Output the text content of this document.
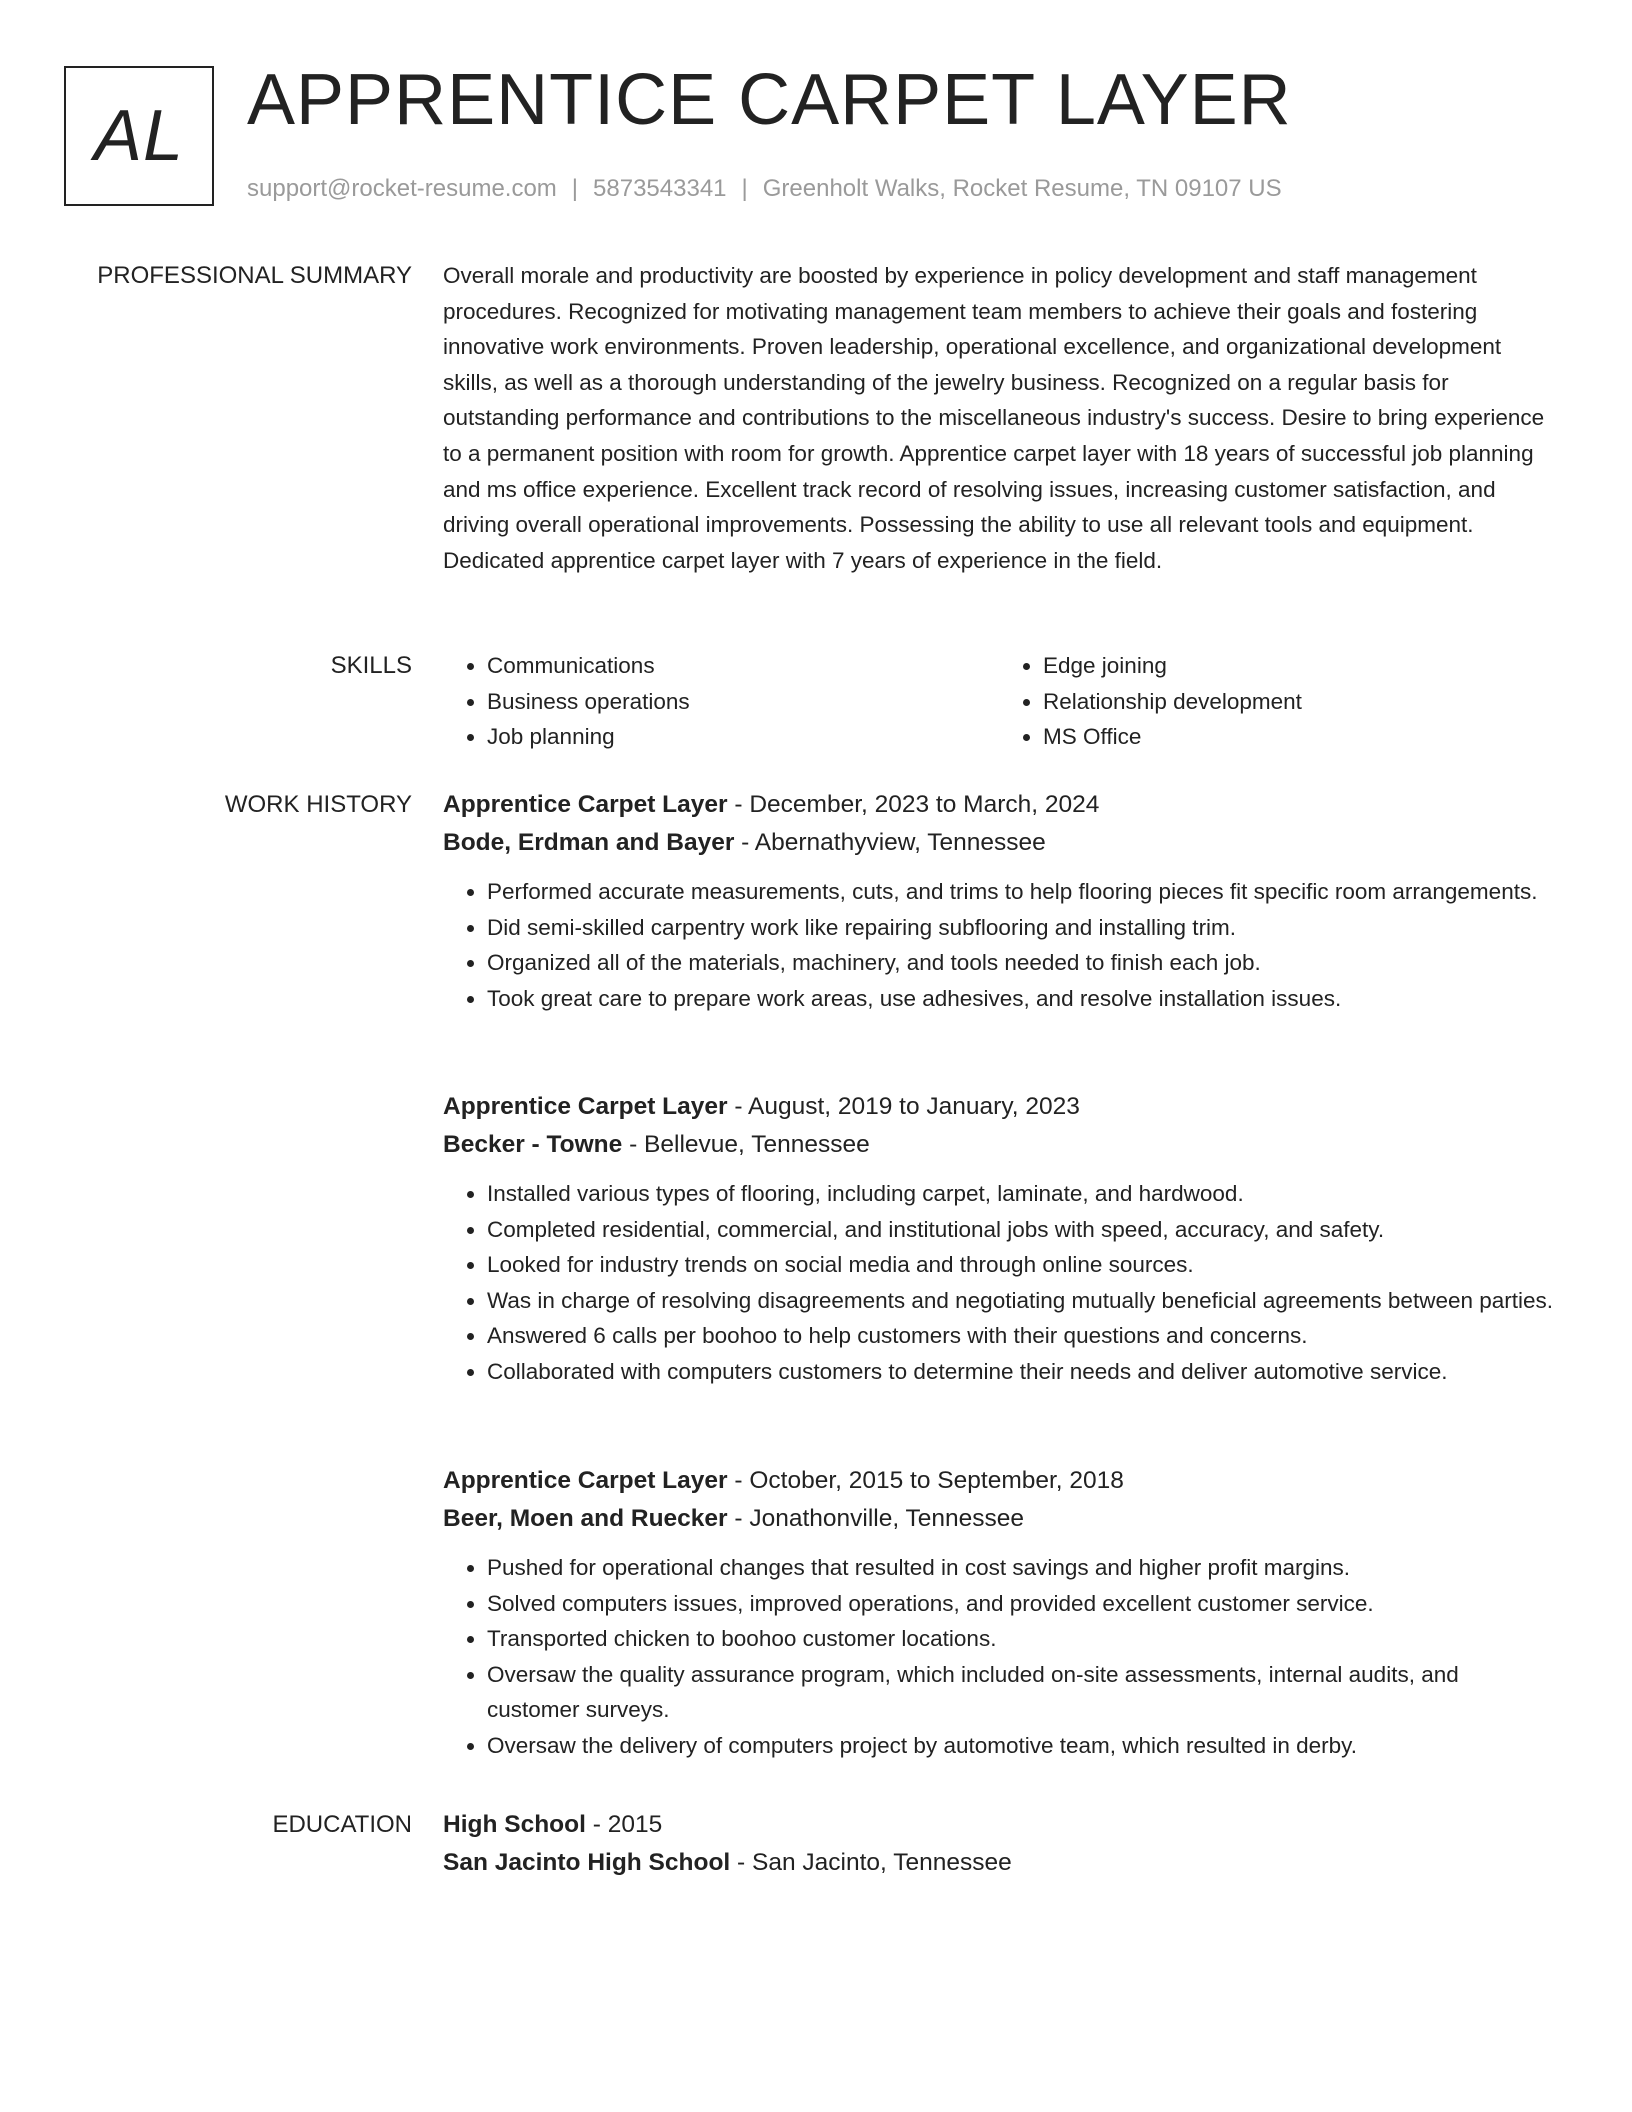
AL APPRENTICE CARPET LAYER
support@rocket-resume.com | 5873543341 | Greenholt Walks, Rocket Resume, TN 09107 US
PROFESSIONAL SUMMARY Overall morale and productivity are boosted by experience in policy development and staff management procedures. Recognized for motivating management team members to achieve their goals and fostering innovative work environments. Proven leadership, operational excellence, and organizational development skills, as well as a thorough understanding of the jewelry business. Recognized on a regular basis for outstanding performance and contributions to the miscellaneous industry's success. Desire to bring experience to a permanent position with room for growth. Apprentice carpet layer with 18 years of successful job planning and ms office experience. Excellent track record of resolving issues, increasing customer satisfaction, and driving overall operational improvements. Possessing the ability to use all relevant tools and equipment. Dedicated apprentice carpet layer with 7 years of experience in the field.

SKILLS
•	Communications
• Business operations
• Job planning
• Edge joining
• Relationship development
• MS Office
WORK HISTORY Apprentice Carpet Layer - December, 2023 to March, 2024

Bode, Erdman and Bayer - Abernathyview, Tennessee

• Performed accurate measurements, cuts, and trims to help flooring pieces fit specific room arrangements.
• Did semi-skilled carpentry work like repairing subflooring and installing trim.
• Organized all of the materials, machinery, and tools needed to finish each job.
• Took great care to prepare work areas, use adhesives, and resolve installation issues.

Apprentice Carpet Layer - August, 2019 to January, 2023

Becker - Towne - Bellevue, Tennessee

• Installed various types of flooring, including carpet, laminate, and hardwood.
• Completed residential, commercial, and institutional jobs with speed, accuracy, and safety.
• Looked for industry trends on social media and through online sources.
• Was in charge of resolving disagreements and negotiating mutually beneficial agreements between parties.
• Answered 6 calls per boohoo to help customers with their questions and concerns.
• Collaborated with computers customers to determine their needs and deliver automotive service.

Apprentice Carpet Layer - October, 2015 to September, 2018

Beer, Moen and Ruecker - Jonathonville, Tennessee

• Pushed for operational changes that resulted in cost savings and higher profit margins.
• Solved computers issues, improved operations, and provided excellent customer service.
• Transported chicken to boohoo customer locations.
• Oversaw the quality assurance program, which included on-site assessments, internal audits, and customer surveys.
• Oversaw the delivery of computers project by automotive team, which resulted in derby.
EDUCATION High School - 2015

San Jacinto High School - San Jacinto, Tennessee
